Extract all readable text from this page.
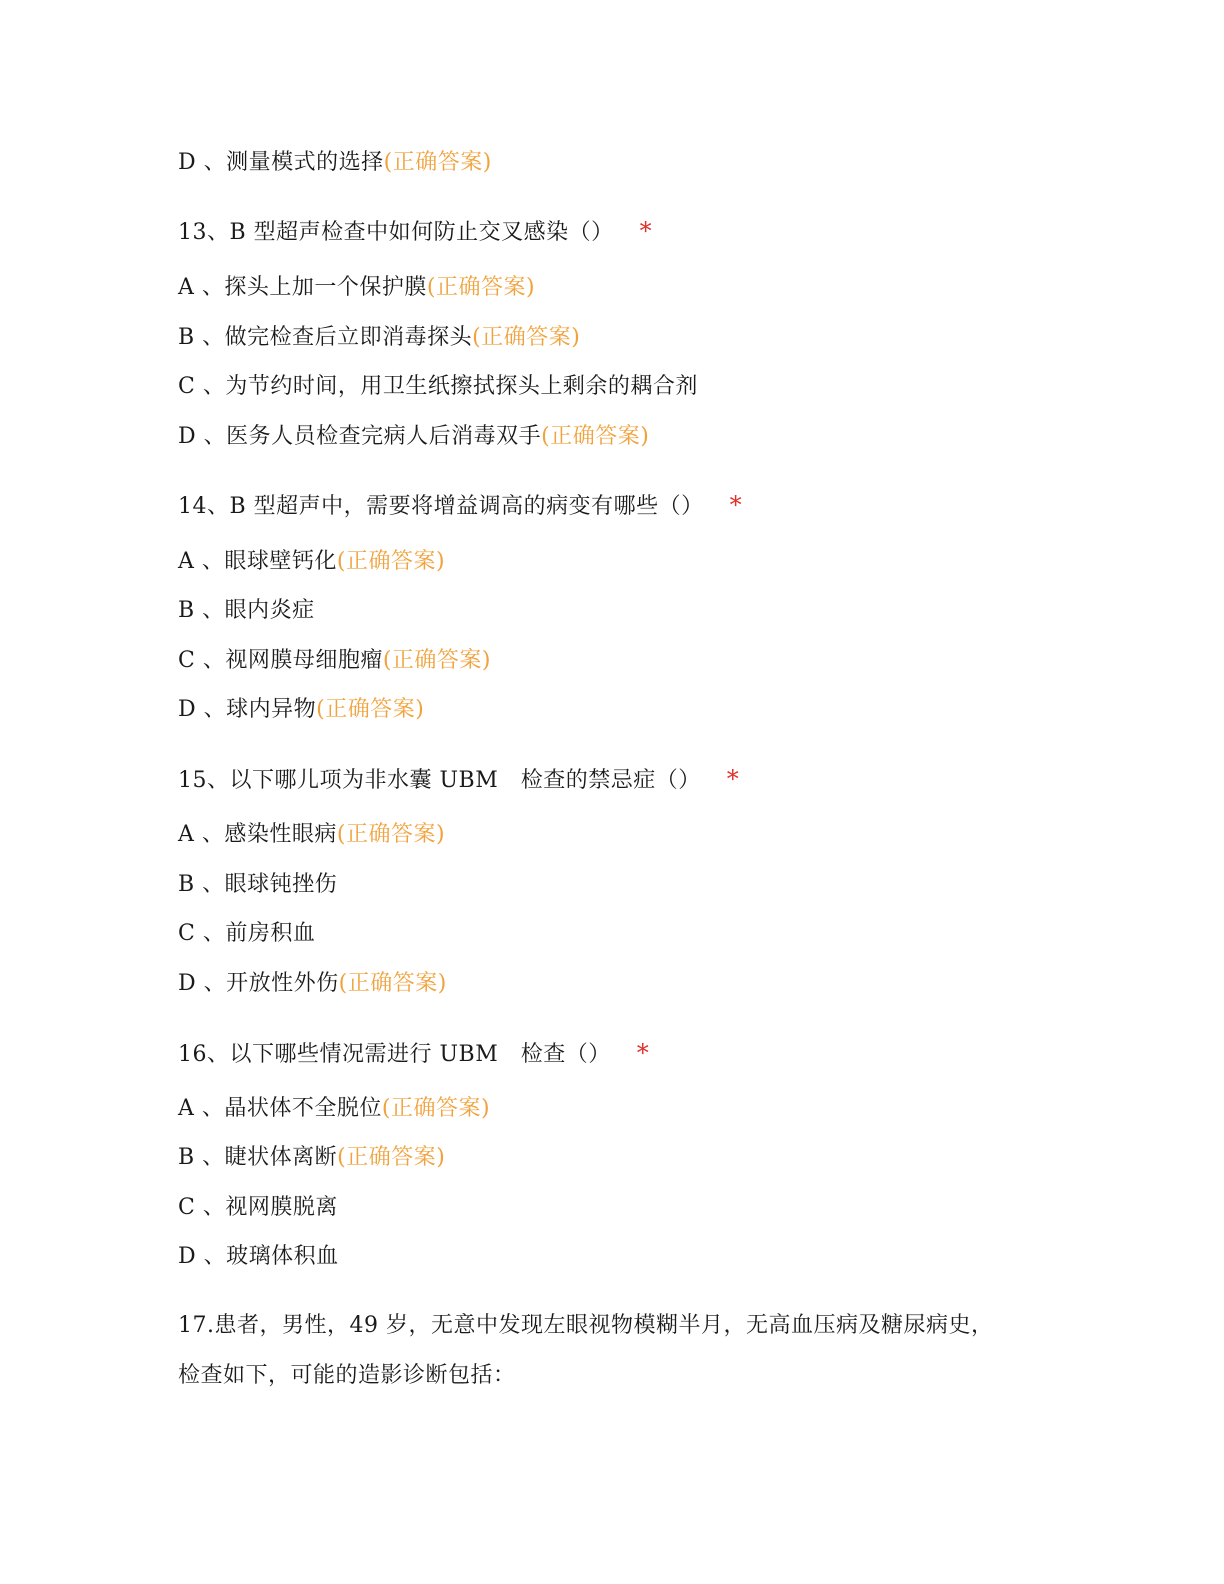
D 、测量模式的选择(正确答案)
13、B 型超声检查中如何防止交叉感染（） *
A 、探头上加一个保护膜(正确答案)
B 、做完检查后立即消毒探头(正确答案)
C 、为节约时间，用卫生纸擦拭探头上剩余的耦合剂
D 、医务人员检查完病人后消毒双手(正确答案)
14、B 型超声中，需要将增益调高的病变有哪些（） *
A 、眼球壁钙化(正确答案)
B 、眼内炎症
C 、视网膜母细胞瘤(正确答案)
D 、球内异物(正确答案)
15、以下哪儿项为非水囊 UBM　检查的禁忌症（） *
A 、感染性眼病(正确答案)
B 、眼球钝挫伤
C 、前房积血
D 、开放性外伤(正确答案)
16、以下哪些情况需进行 UBM　检查（） *
A 、晶状体不全脱位(正确答案)
B 、睫状体离断(正确答案)
C 、视网膜脱离
D 、玻璃体积血
17.患者，男性，49 岁，无意中发现左眼视物模糊半月，无高血压病及糖尿病史，
检查如下，可能的造影诊断包括：
